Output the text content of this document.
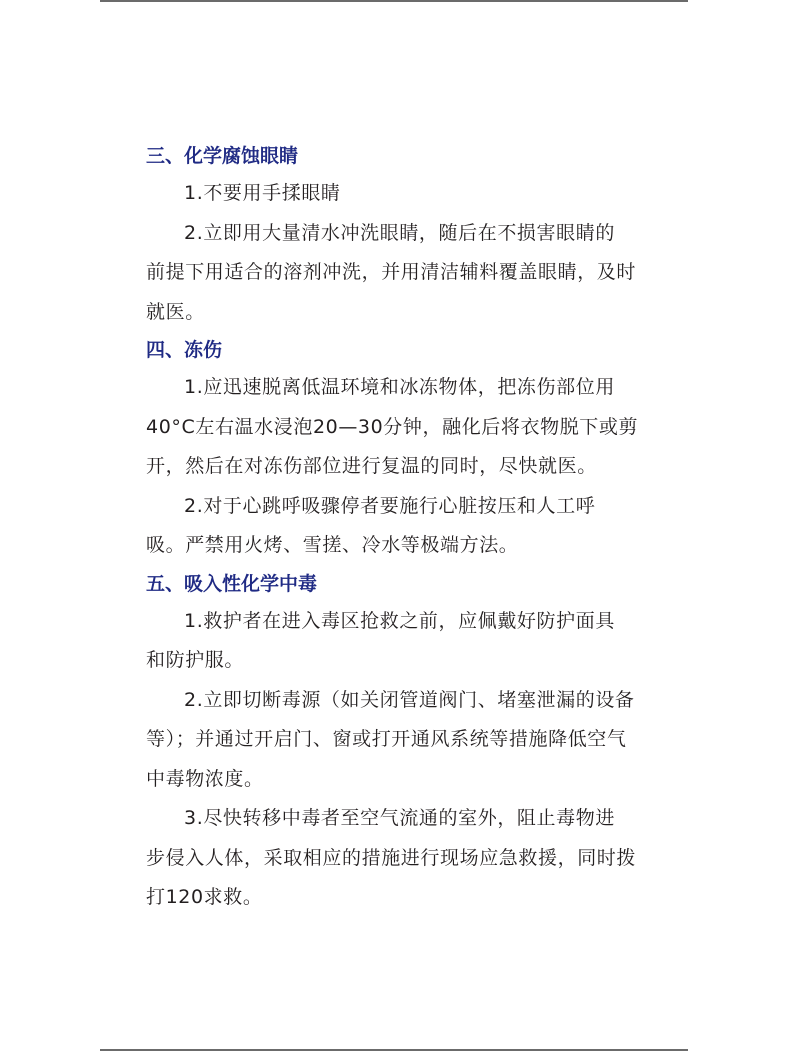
三、化学腐蚀眼睛

1.不要用手揉眼睛

2.立即用大量清水冲洗眼睛，随后在不损害眼睛的
前提下用适合的溶剂冲洗，并用清洁辅料覆盖眼睛，及时
就医。

四、冻伤

1.应迅速脱离低温环境和冰冻物体，把冻伤部位用
40°C左右温水浸泡20—30分钟，融化后将衣物脱下或剪
开，然后在对冻伤部位进行复温的同时，尽快就医。

2.对于心跳呼吸骤停者要施行心脏按压和人工呼
吸。严禁用火烤、雪搓、冷水等极端方法。

五、吸入性化学中毒

1.救护者在进入毒区抢救之前，应佩戴好防护面具
和防护服。

2.立即切断毒源（如关闭管道阀门、堵塞泄漏的设备
等）；并通过开启门、窗或打开通风系统等措施降低空气
中毒物浓度。

3.尽快转移中毒者至空气流通的室外，阻止毒物进
步侵入人体，采取相应的措施进行现场应急救援，同时拨
打120求救。
